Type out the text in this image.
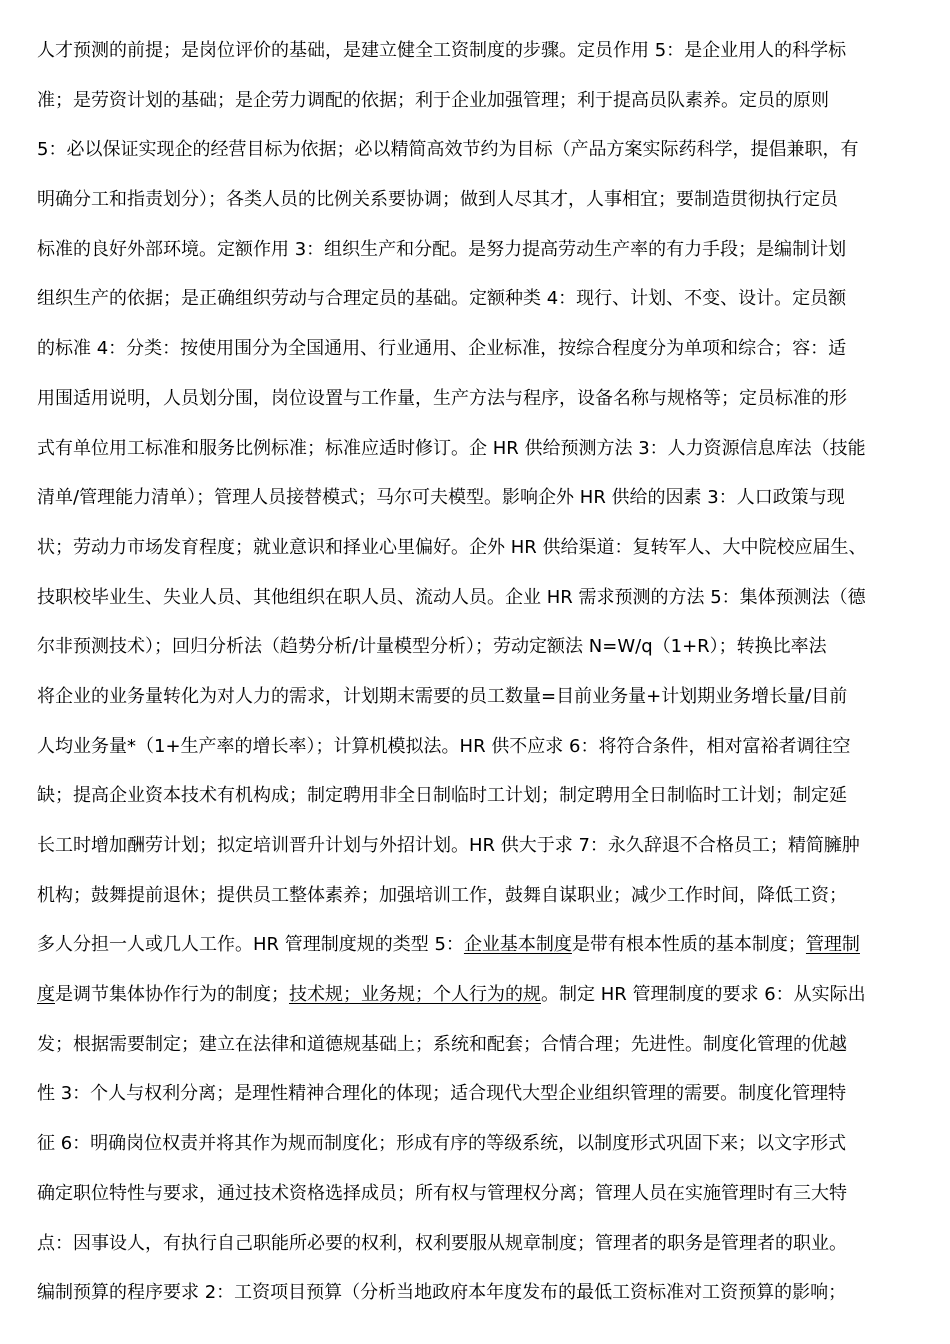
人才预测的前提；是岗位评价的基础，是建立健全工资制度的步骤。定员作用 5：是企业用人的科学标
准；是劳资计划的基础；是企劳力调配的依据；利于企业加强管理；利于提高员队素养。定员的原则
5：必以保证实现企的经营目标为依据；必以精简高效节约为目标（产品方案实际药科学，提倡兼职，有
明确分工和指责划分）；各类人员的比例关系要协调；做到人尽其才，人事相宜；要制造贯彻执行定员
标准的良好外部环境。定额作用 3：组织生产和分配。是努力提高劳动生产率的有力手段；是编制计划
组织生产的依据；是正确组织劳动与合理定员的基础。定额种类 4：现行、计划、不变、设计。定员额
的标准 4：分类：按使用围分为全国通用、行业通用、企业标准，按综合程度分为单项和综合；容：适
用围适用说明，人员划分围，岗位设置与工作量，生产方法与程序，设备名称与规格等；定员标准的形
式有单位用工标准和服务比例标准；标准应适时修订。企 HR 供给预测方法 3：人力资源信息库法（技能
清单/管理能力清单）；管理人员接替模式；马尔可夫模型。影响企外 HR 供给的因素 3：人口政策与现
状；劳动力市场发育程度；就业意识和择业心里偏好。企外 HR 供给渠道：复转军人、大中院校应届生、
技职校毕业生、失业人员、其他组织在职人员、流动人员。企业 HR 需求预测的方法 5：集体预测法（德
尔非预测技术）；回归分析法（趋势分析/计量模型分析）；劳动定额法 N=W/q（1+R）；转换比率法
将企业的业务量转化为对人力的需求，计划期末需要的员工数量=目前业务量+计划期业务增长量/目前
人均业务量*（1+生产率的增长率）；计算机模拟法。HR 供不应求 6：将符合条件，相对富裕者调往空
缺；提高企业资本技术有机构成；制定聘用非全日制临时工计划；制定聘用全日制临时工计划；制定延
长工时增加酬劳计划；拟定培训晋升计划与外招计划。HR 供大于求 7：永久辞退不合格员工；精简臃肿
机构；鼓舞提前退休；提供员工整体素养；加强培训工作，鼓舞自谋职业；减少工作时间，降低工资；
多人分担一人或几人工作。HR 管理制度规的类型 5：企业基本制度是带有根本性质的基本制度；管理制
度是调节集体协作行为的制度；技术规；业务规；个人行为的规。制定 HR 管理制度的要求 6：从实际出
发；根据需要制定；建立在法律和道德规基础上；系统和配套；合情合理；先进性。制度化管理的优越
性 3：个人与权利分离；是理性精神合理化的体现；适合现代大型企业组织管理的需要。制度化管理特
征 6：明确岗位权责并将其作为规而制度化；形成有序的等级系统，以制度形式巩固下来；以文字形式
确定职位特性与要求，通过技术资格选择成员；所有权与管理权分离；管理人员在实施管理时有三大特
点：因事设人，有执行自己职能所必要的权利，权利要服从规章制度；管理者的职务是管理者的职业。
编制预算的程序要求 2：工资项目预算（分析当地政府本年度发布的最低工资标准对工资预算的影响；
